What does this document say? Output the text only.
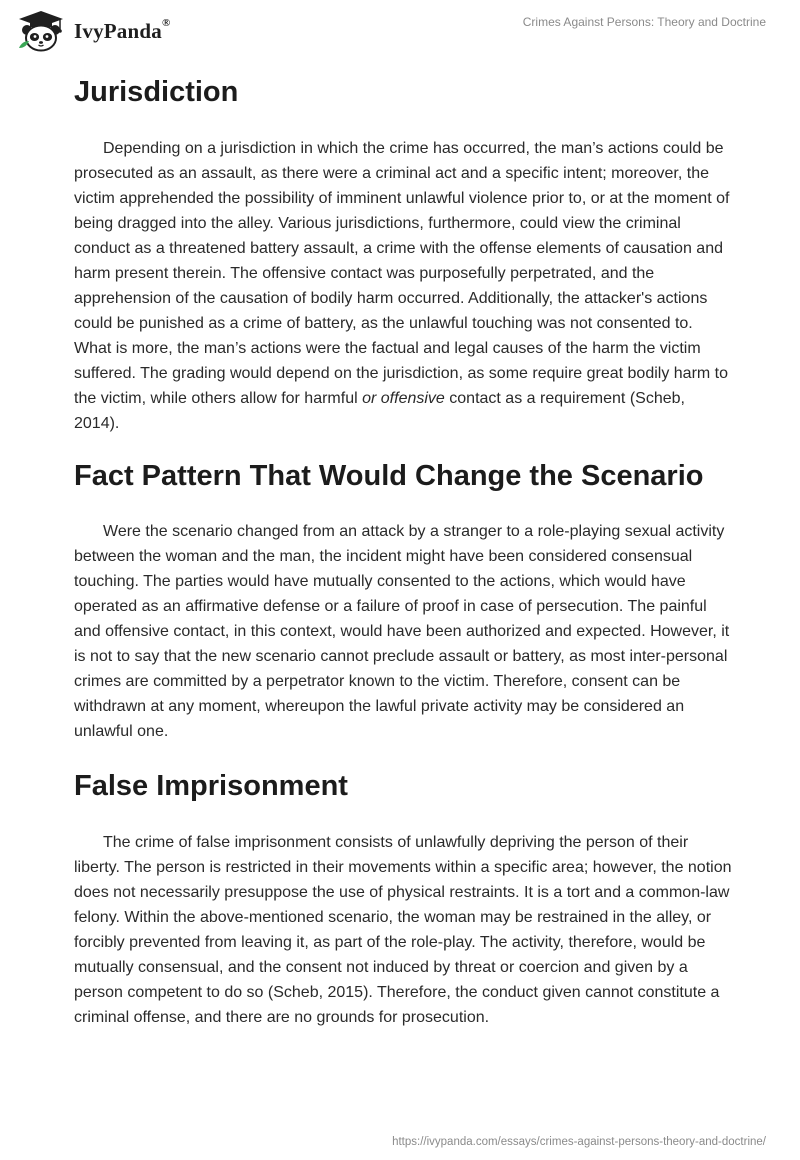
IvyPanda®	Crimes Against Persons: Theory and Doctrine
Jurisdiction

Depending on a jurisdiction in which the crime has occurred, the man’s actions could be prosecuted as an assault, as there were a criminal act and a specific intent; moreover, the victim apprehended the possibility of imminent unlawful violence prior to, or at the moment of being dragged into the alley. Various jurisdictions, furthermore, could view the criminal conduct as a threatened battery assault, a crime with the offense elements of causation and harm present therein. The offensive contact was purposefully perpetrated, and the apprehension of the causation of bodily harm occurred. Additionally, the attacker's actions could be punished as a crime of battery, as the unlawful touching was not consented to. What is more, the man’s actions were the factual and legal causes of the harm the victim suffered. The grading would depend on the jurisdiction, as some require great bodily harm to the victim, while others allow for harmful or offensive contact as a requirement (Scheb, 2014).

Fact Pattern That Would Change the Scenario

Were the scenario changed from an attack by a stranger to a role-playing sexual activity between the woman and the man, the incident might have been considered consensual touching. The parties would have mutually consented to the actions, which would have operated as an affirmative defense or a failure of proof in case of persecution. The painful and offensive contact, in this context, would have been authorized and expected. However, it is not to say that the new scenario cannot preclude assault or battery, as most inter-personal crimes are committed by a perpetrator known to the victim. Therefore, consent can be withdrawn at any moment, whereupon the lawful private activity may be considered an unlawful one.

False Imprisonment

The crime of false imprisonment consists of unlawfully depriving the person of their liberty. The person is restricted in their movements within a specific area; however, the notion does not necessarily presuppose the use of physical restraints. It is a tort and a common-law felony. Within the above-mentioned scenario, the woman may be restrained in the alley, or forcibly prevented from leaving it, as part of the role-play. The activity, therefore, would be mutually consensual, and the consent not induced by threat or coercion and given by a person competent to do so (Scheb, 2015). Therefore, the conduct given cannot constitute a criminal offense, and there are no grounds for prosecution.

https://ivypanda.com/essays/crimes-against-persons-theory-and-doctrine/
